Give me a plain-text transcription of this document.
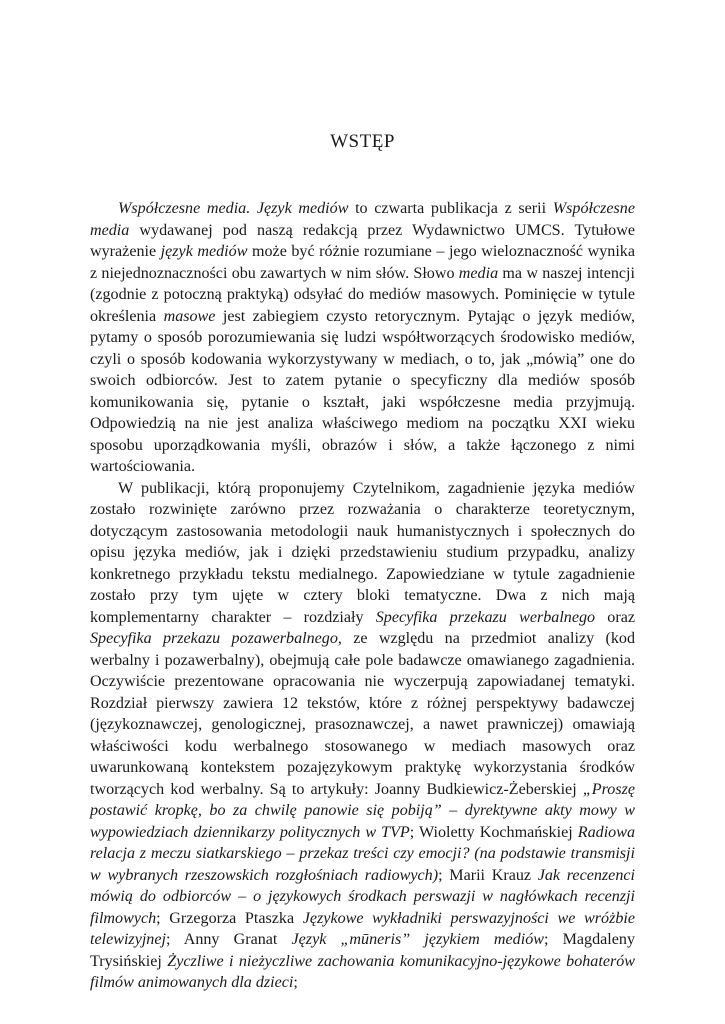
WSTĘP

Współczesne media. Język mediów to czwarta publikacja z serii Współczesne media wydawanej pod naszą redakcją przez Wydawnictwo UMCS. Tytułowe wyrażenie język mediów może być różnie rozumiane – jego wieloznaczność wynika z niejednoznaczności obu zawartych w nim słów. Słowo media ma w naszej intencji (zgodnie z potoczną praktyką) odsyłać do mediów masowych. Pominięcie w tytule określenia masowe jest zabiegiem czysto retorycznym. Pytając o język mediów, pytamy o sposób porozumiewania się ludzi współtworzących środowisko mediów, czyli o sposób kodowania wykorzystywany w mediach, o to, jak „mówią” one do swoich odbiorców. Jest to zatem pytanie o specyficzny dla mediów sposób komunikowania się, pytanie o kształt, jaki współczesne media przyjmują. Odpowiedzią na nie jest analiza właściwego mediom na początku XXI wieku sposobu uporządkowania myśli, obrazów i słów, a także łączonego z nimi wartościowania.

W publikacji, którą proponujemy Czytelnikom, zagadnienie języka mediów zostało rozwinięte zarówno przez rozważania o charakterze teoretycznym, dotyczącym zastosowania metodologii nauk humanistycznych i społecznych do opisu języka mediów, jak i dzięki przedstawieniu studium przypadku, analizy konkretnego przykładu tekstu medialnego. Zapowiedziane w tytule zagadnienie zostało przy tym ujęte w cztery bloki tematyczne. Dwa z nich mają komplementarny charakter – rozdziały Specyfika przekazu werbalnego oraz Specyfika przekazu pozawerbalnego, ze względu na przedmiot analizy (kod werbalny i pozawerbalny), obejmują całe pole badawcze omawianego zagadnienia. Oczywiście prezentowane opracowania nie wyczerpują zapowiadanej tematyki. Rozdział pierwszy zawiera 12 tekstów, które z różnej perspektywy badawczej (językoznawczej, genologicznej, prasoznawczej, a nawet prawniczej) omawiają właściwości kodu werbalnego stosowanego w mediach masowych oraz uwarunkowaną kontekstem pozajęzykowym praktykę wykorzystania środków tworzących kod werbalny. Są to artykuły: Joanny Budkiewicz-Żeberskiej „Proszę postawić kropkę, bo za chwilę panowie się pobiją” – dyrektywne akty mowy w wypowiedziach dziennikarzy politycznych w TVP; Wioletty Kochmańskiej Radiowa relacja z meczu siatkarskiego – przekaz treści czy emocji? (na podstawie transmisji w wybranych rzeszowskich rozgłośniach radiowych); Marii Krauz Jak recenzenci mówią do odbiorców – o językowych środkach perswazji w nagłówkach recenzji filmowych; Grzegorza Ptaszka Językowe wykładniki perswazyjności we wróżbie telewizyjnej; Anny Granat Język „mūneris” językiem mediów; Magdaleny Trysińskiej Życzliwe i nieżyczliwe zachowania komunikacyjno-językowe bohaterów filmów animowanych dla dzieci;
